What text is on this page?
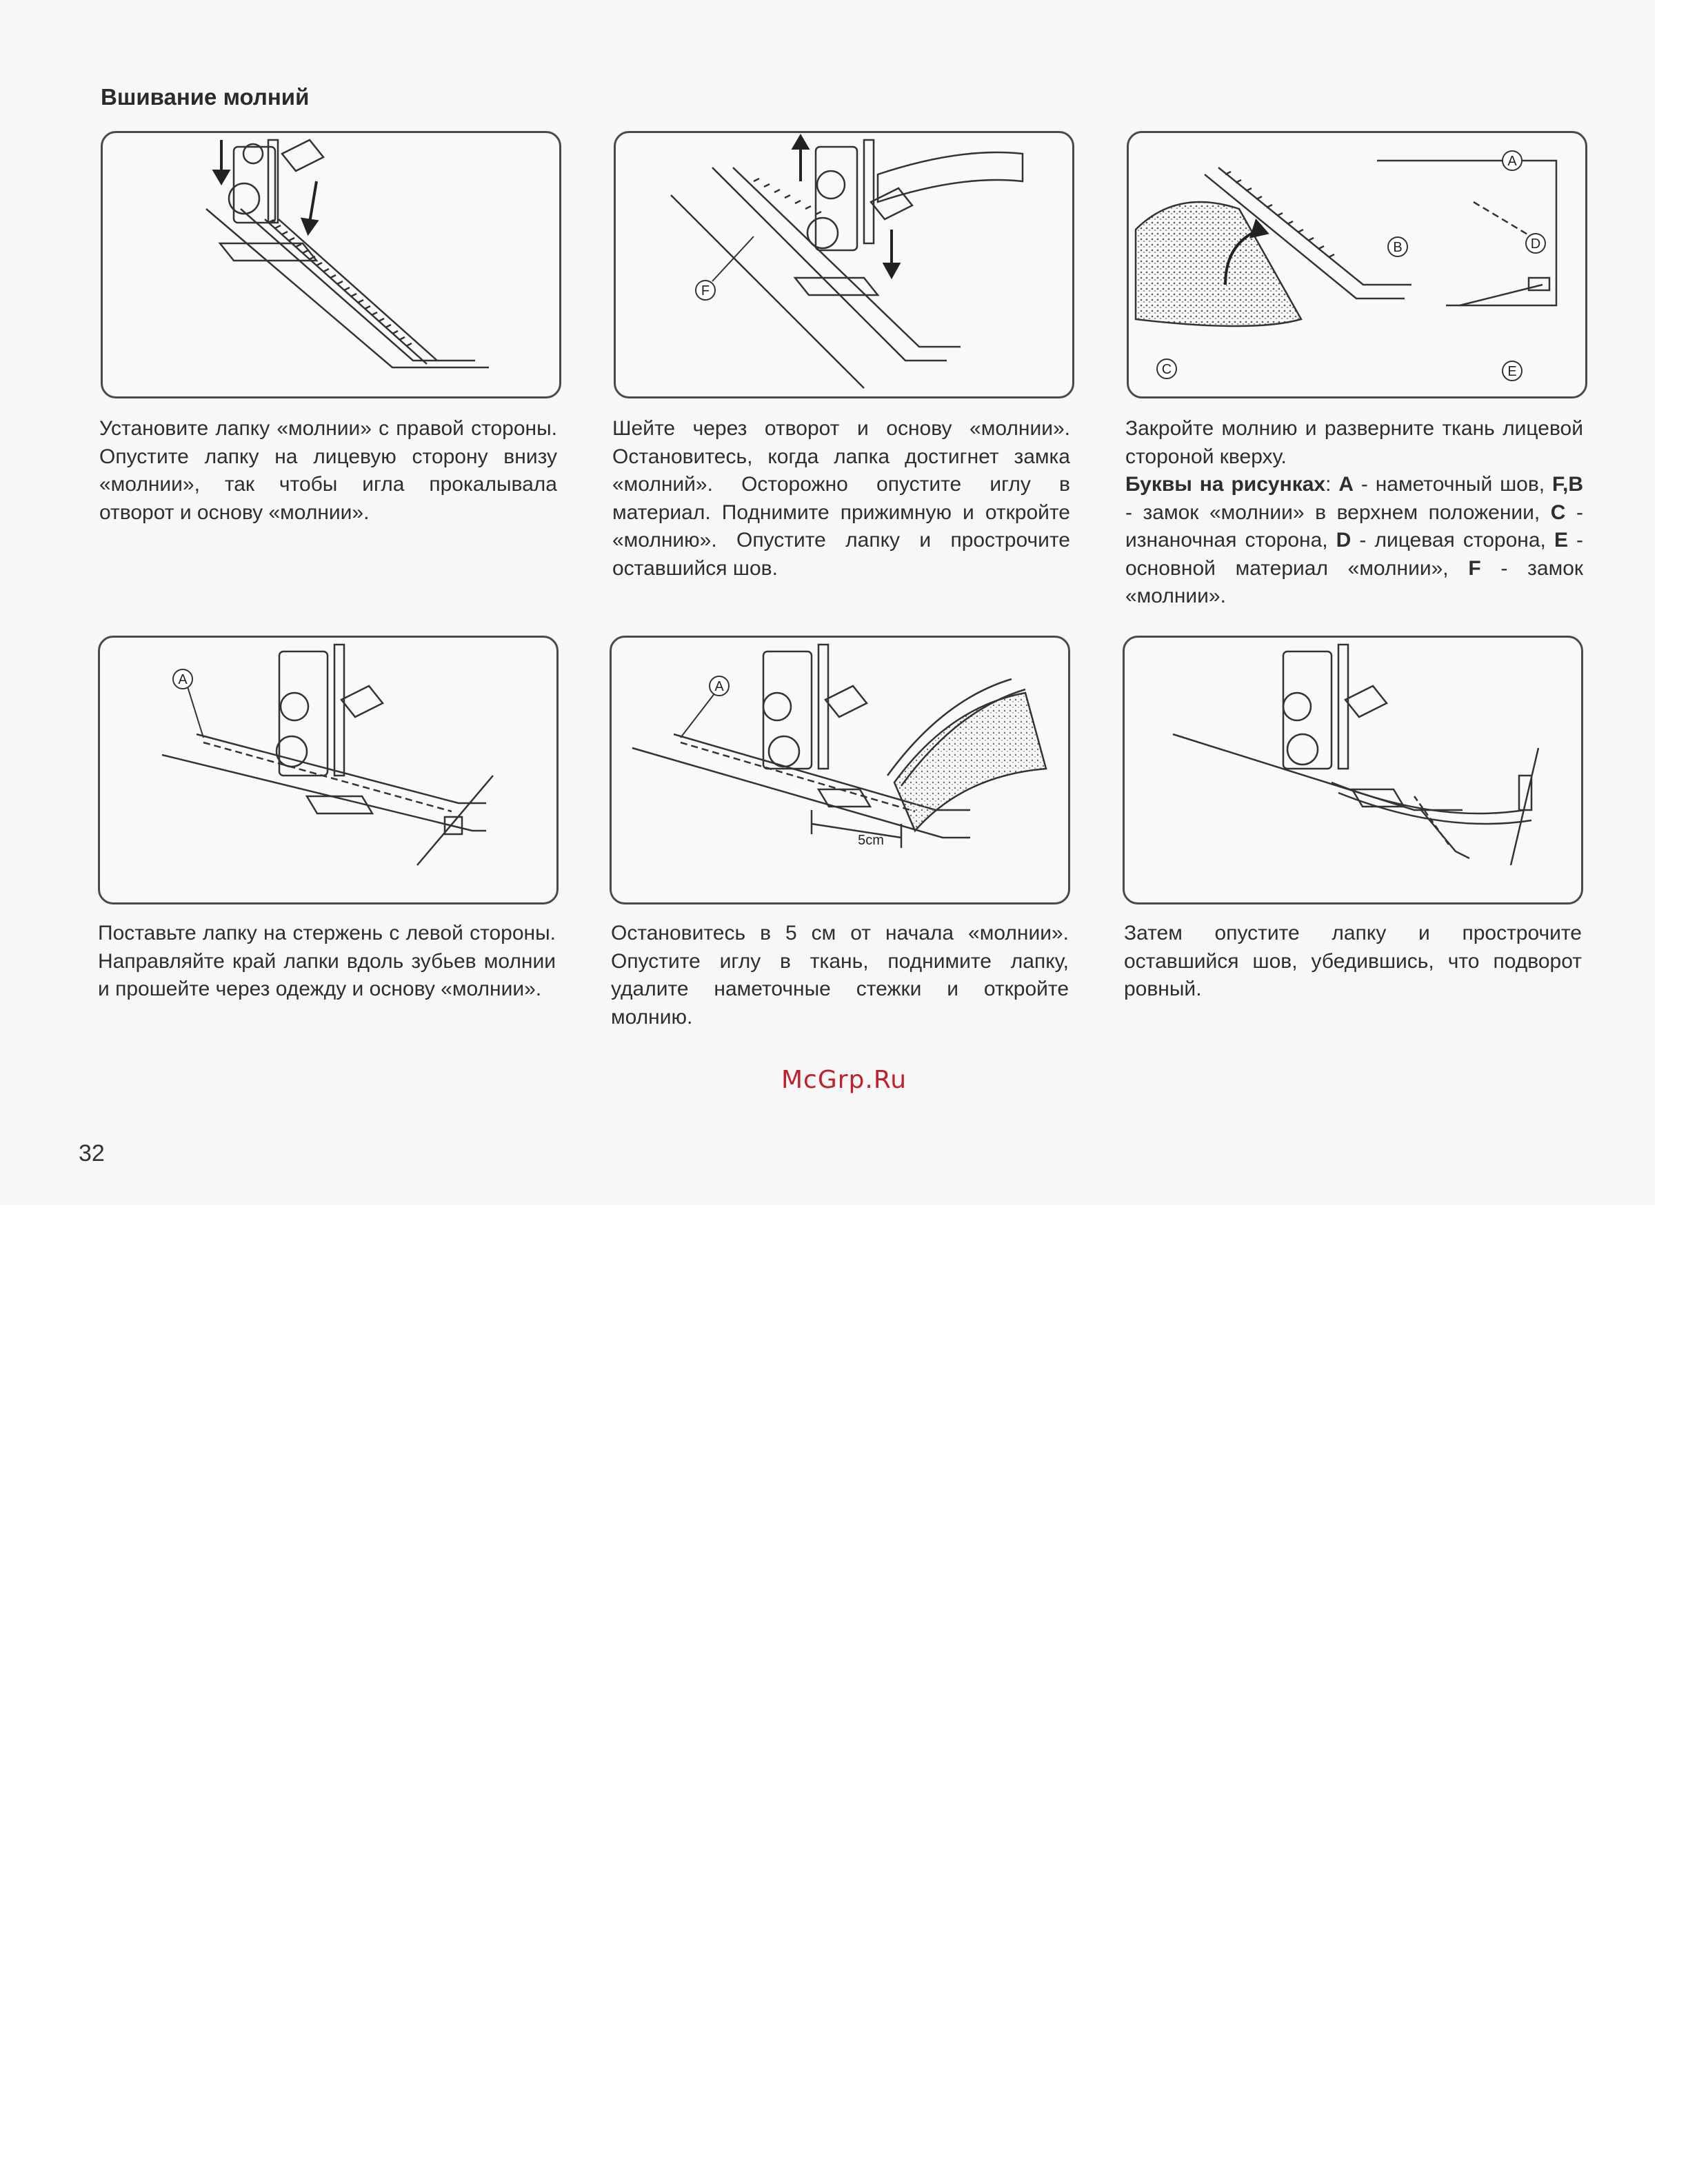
Вшивание молний
F
A
B
C
D
E
A
5cm
A
Установите лапку «молнии» с правой стороны. Опустите лапку на лицевую сторону внизу «молнии», так чтобы игла прокалывала отворот и основу «молнии».
Шейте через отворот и основу «молнии». Остановитесь, когда лапка достигнет замка «молний». Осторожно опустите иглу в материал. Поднимите прижимную и откройте «молнию». Опустите лапку и прострочите оставшийся шов.
Закройте молнию и разверните ткань лицевой стороной кверху.
Буквы на рисунках: A - наметочный шов, F,B - замок «молнии» в верхнем положении, C - изнаночная сторона, D - лицевая сторона, E - основной материал «молнии», F - замок «молнии».
Поставьте лапку на стержень с левой стороны. Направляйте край лапки вдоль зубьев молнии и прошейте через одежду и основу «молнии».
Остановитесь в 5 см от начала «молнии». Опустите иглу в ткань, поднимите лапку, удалите наметочные стежки и откройте молнию.
Затем опустите лапку и прострочите оставшийся шов, убедившись, что подворот ровный.
McGrp.Ru
32
